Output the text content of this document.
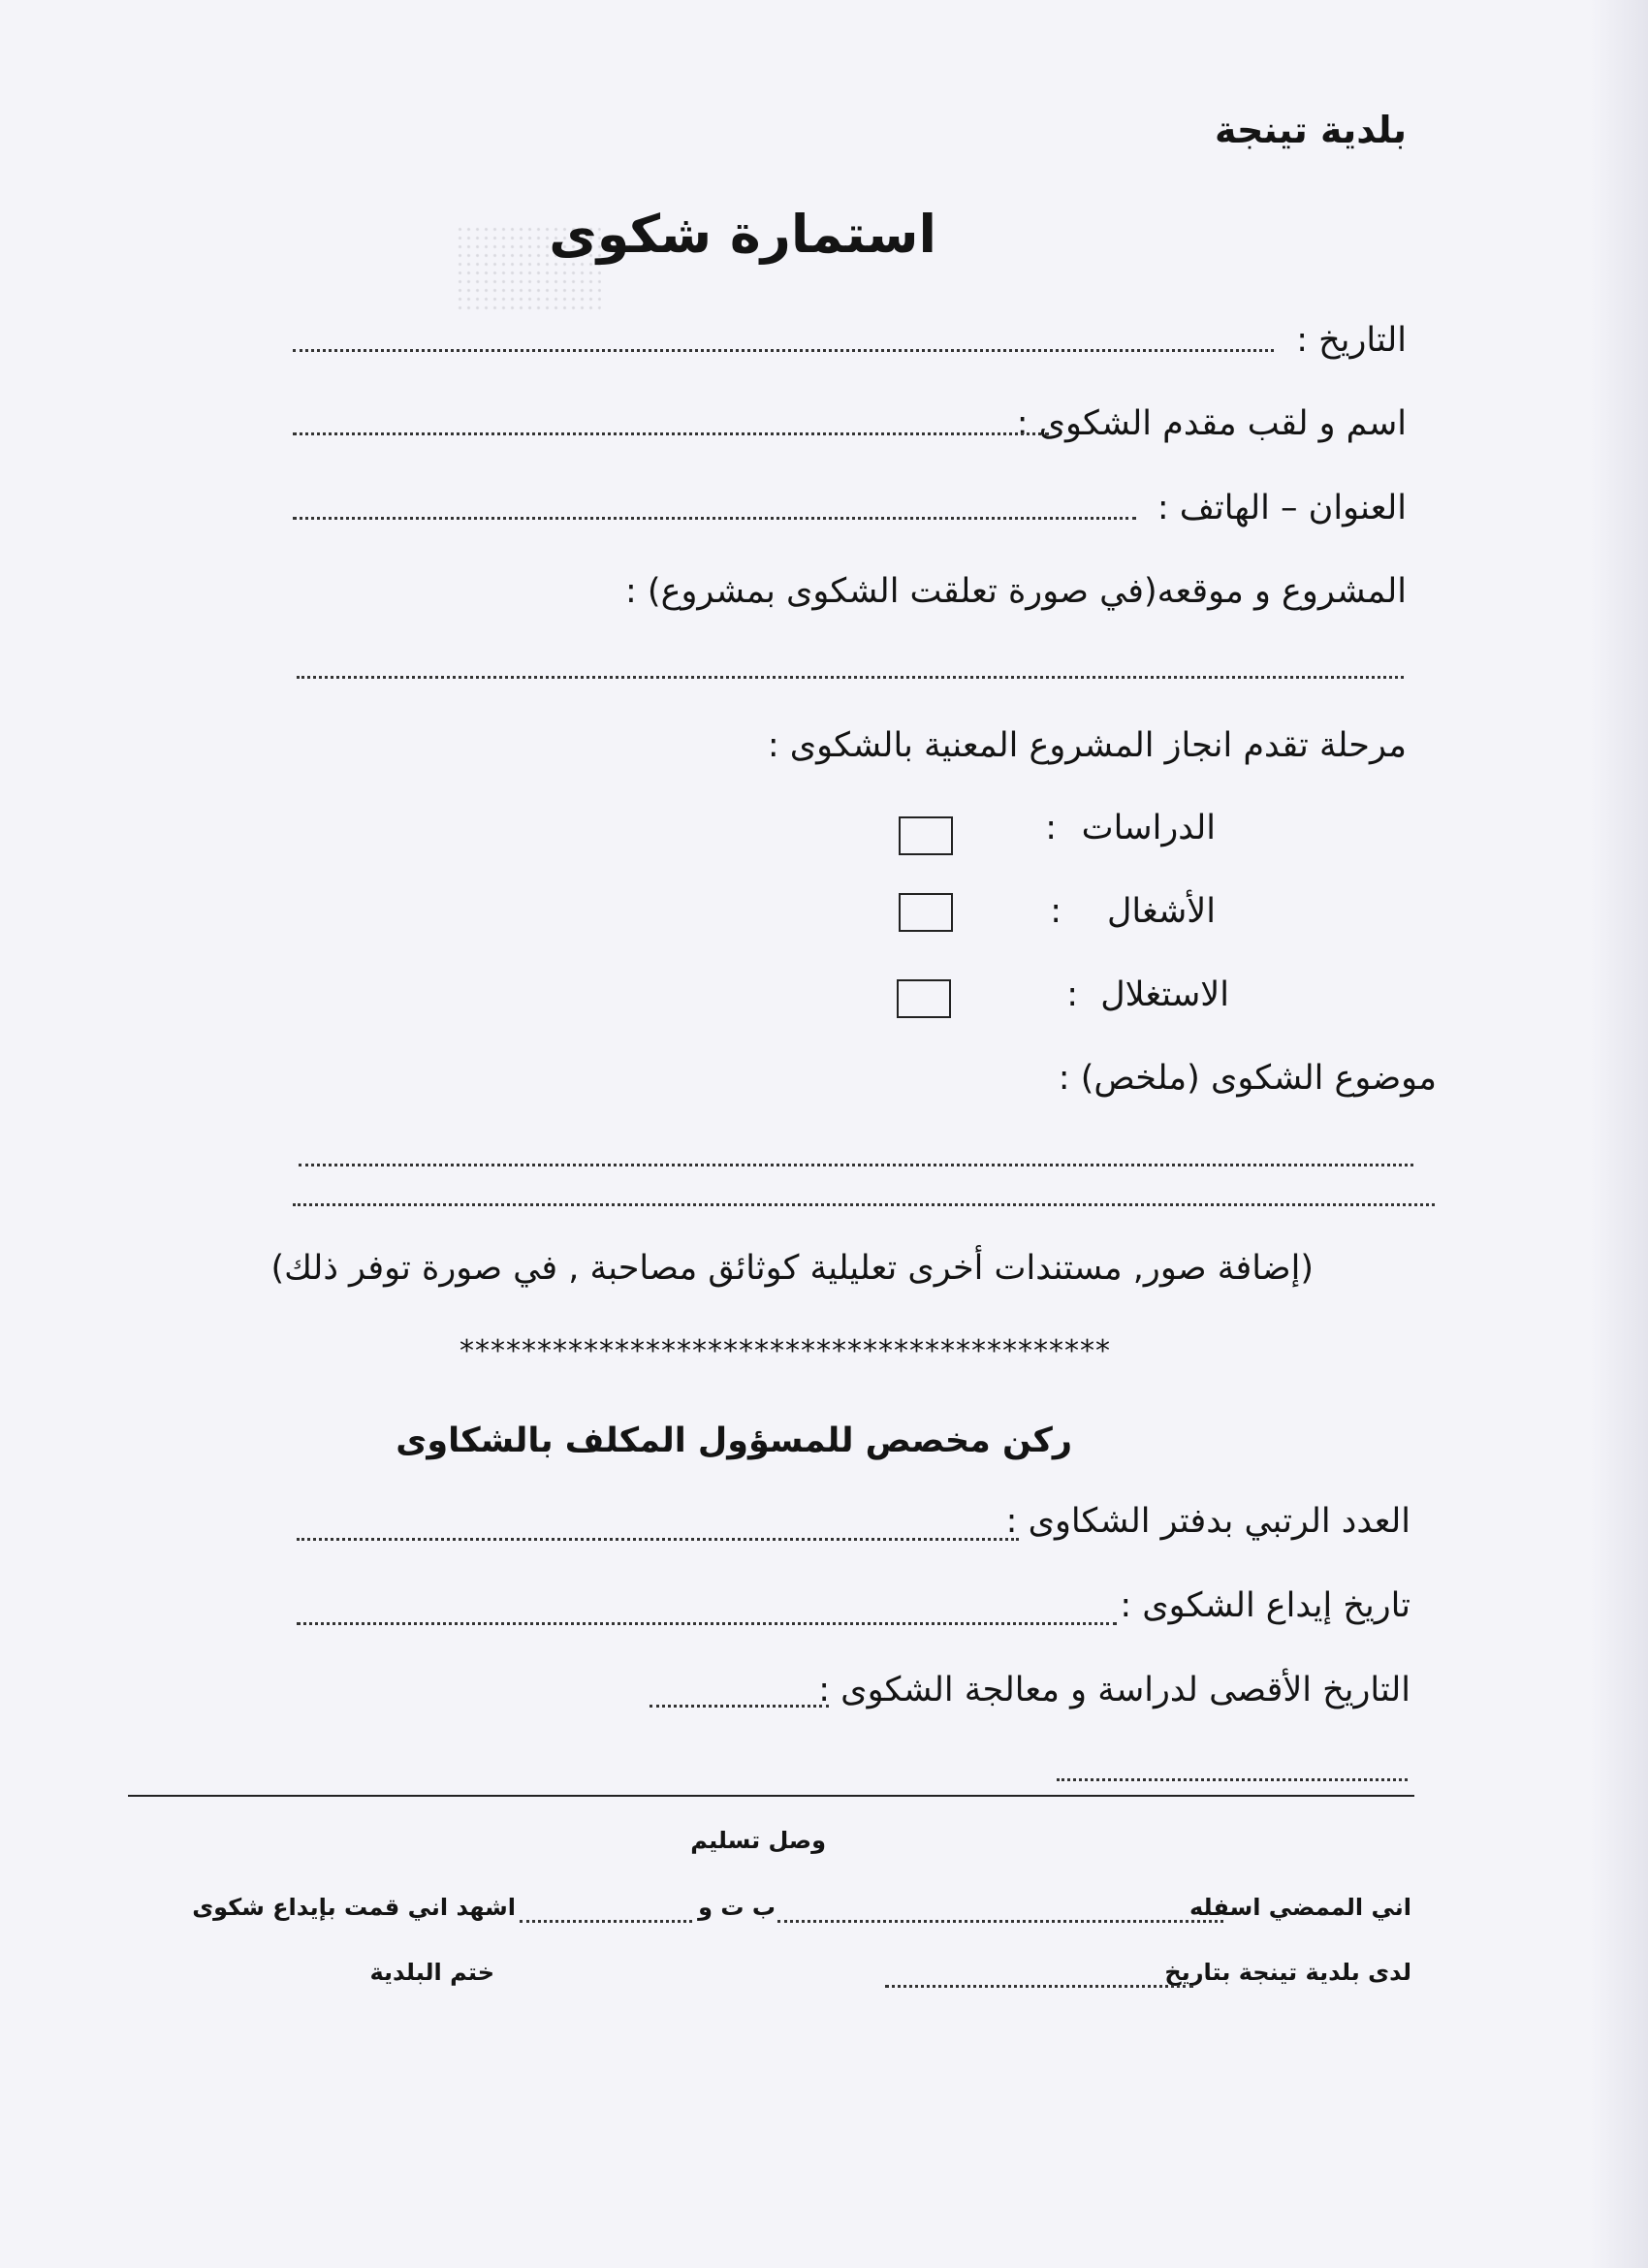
بلدية تينجة
استمارة شكوى
التاريخ :
اسم و لقب مقدم الشكوى :
العنوان – الهاتف :
المشروع و موقعه(في صورة تعلقت الشكوى بمشروع) :
مرحلة تقدم انجاز المشروع المعنية بالشكوى :
الدراسات
:
الأشغال
:
الاستغلال
:
موضوع الشكوى (ملخص) :
(إضافة صور, مستندات أخرى تعليلية كوثائق مصاحبة , في صورة توفر ذلك)
******************************************
ركن مخصص للمسؤول المكلف بالشكاوى
العدد الرتبي بدفتر الشكاوى :
تاريخ إيداع الشكوى :
التاريخ الأقصى لدراسة و معالجة الشكوى :
وصل تسليم
اني الممضي اسفله
ب ت و
اشهد اني قمت بإيداع شكوى
لدى بلدية تينجة بتاريخ
ختم البلدية
